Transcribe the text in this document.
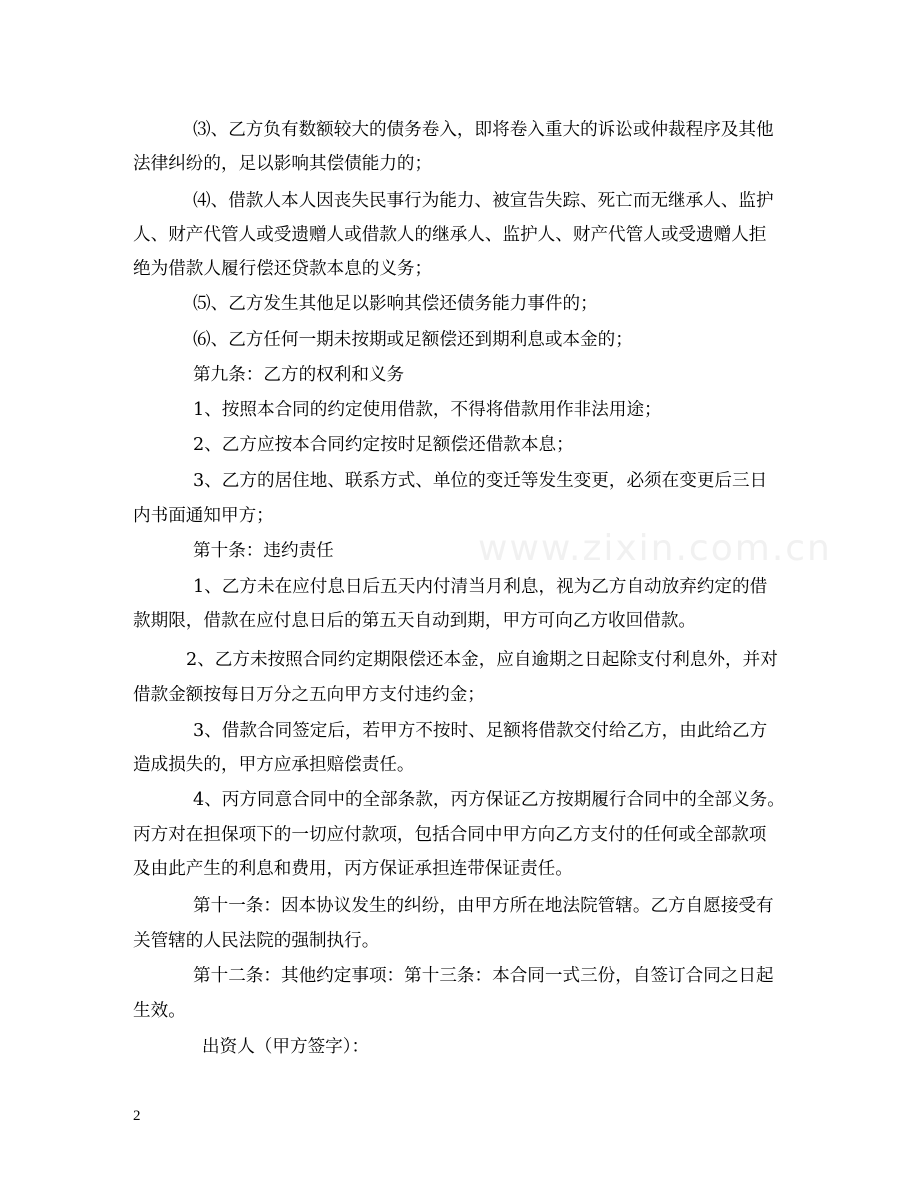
www.zixin.com.cn
⑶、乙方负有数额较大的债务卷入，即将卷入重大的诉讼或仲裁程序及其他
法律纠纷的，足以影响其偿债能力的；
⑷、借款人本人因丧失民事行为能力、被宣告失踪、死亡而无继承人、监护
人、财产代管人或受遗赠人或借款人的继承人、监护人、财产代管人或受遗赠人拒
绝为借款人履行偿还贷款本息的义务；
⑸、乙方发生其他足以影响其偿还债务能力事件的；
⑹、乙方任何一期未按期或足额偿还到期利息或本金的；
第九条：乙方的权利和义务
1、按照本合同的约定使用借款，不得将借款用作非法用途；
2、乙方应按本合同约定按时足额偿还借款本息；
3、乙方的居住地、联系方式、单位的变迁等发生变更，必须在变更后三日
内书面通知甲方；
第十条：违约责任
1、乙方未在应付息日后五天内付清当月利息，视为乙方自动放弃约定的借
款期限，借款在应付息日后的第五天自动到期，甲方可向乙方收回借款。
2、乙方未按照合同约定期限偿还本金，应自逾期之日起除支付利息外，并对
借款金额按每日万分之五向甲方支付违约金；
3、借款合同签定后，若甲方不按时、足额将借款交付给乙方，由此给乙方
造成损失的，甲方应承担赔偿责任。
4、丙方同意合同中的全部条款，丙方保证乙方按期履行合同中的全部义务。
丙方对在担保项下的一切应付款项，包括合同中甲方向乙方支付的任何或全部款项
及由此产生的利息和费用，丙方保证承担连带保证责任。
第十一条：因本协议发生的纠纷，由甲方所在地法院管辖。乙方自愿接受有
关管辖的人民法院的强制执行。
第十二条：其他约定事项：第十三条：本合同一式三份，自签订合同之日起
生效。
出资人（甲方签字）：
2
